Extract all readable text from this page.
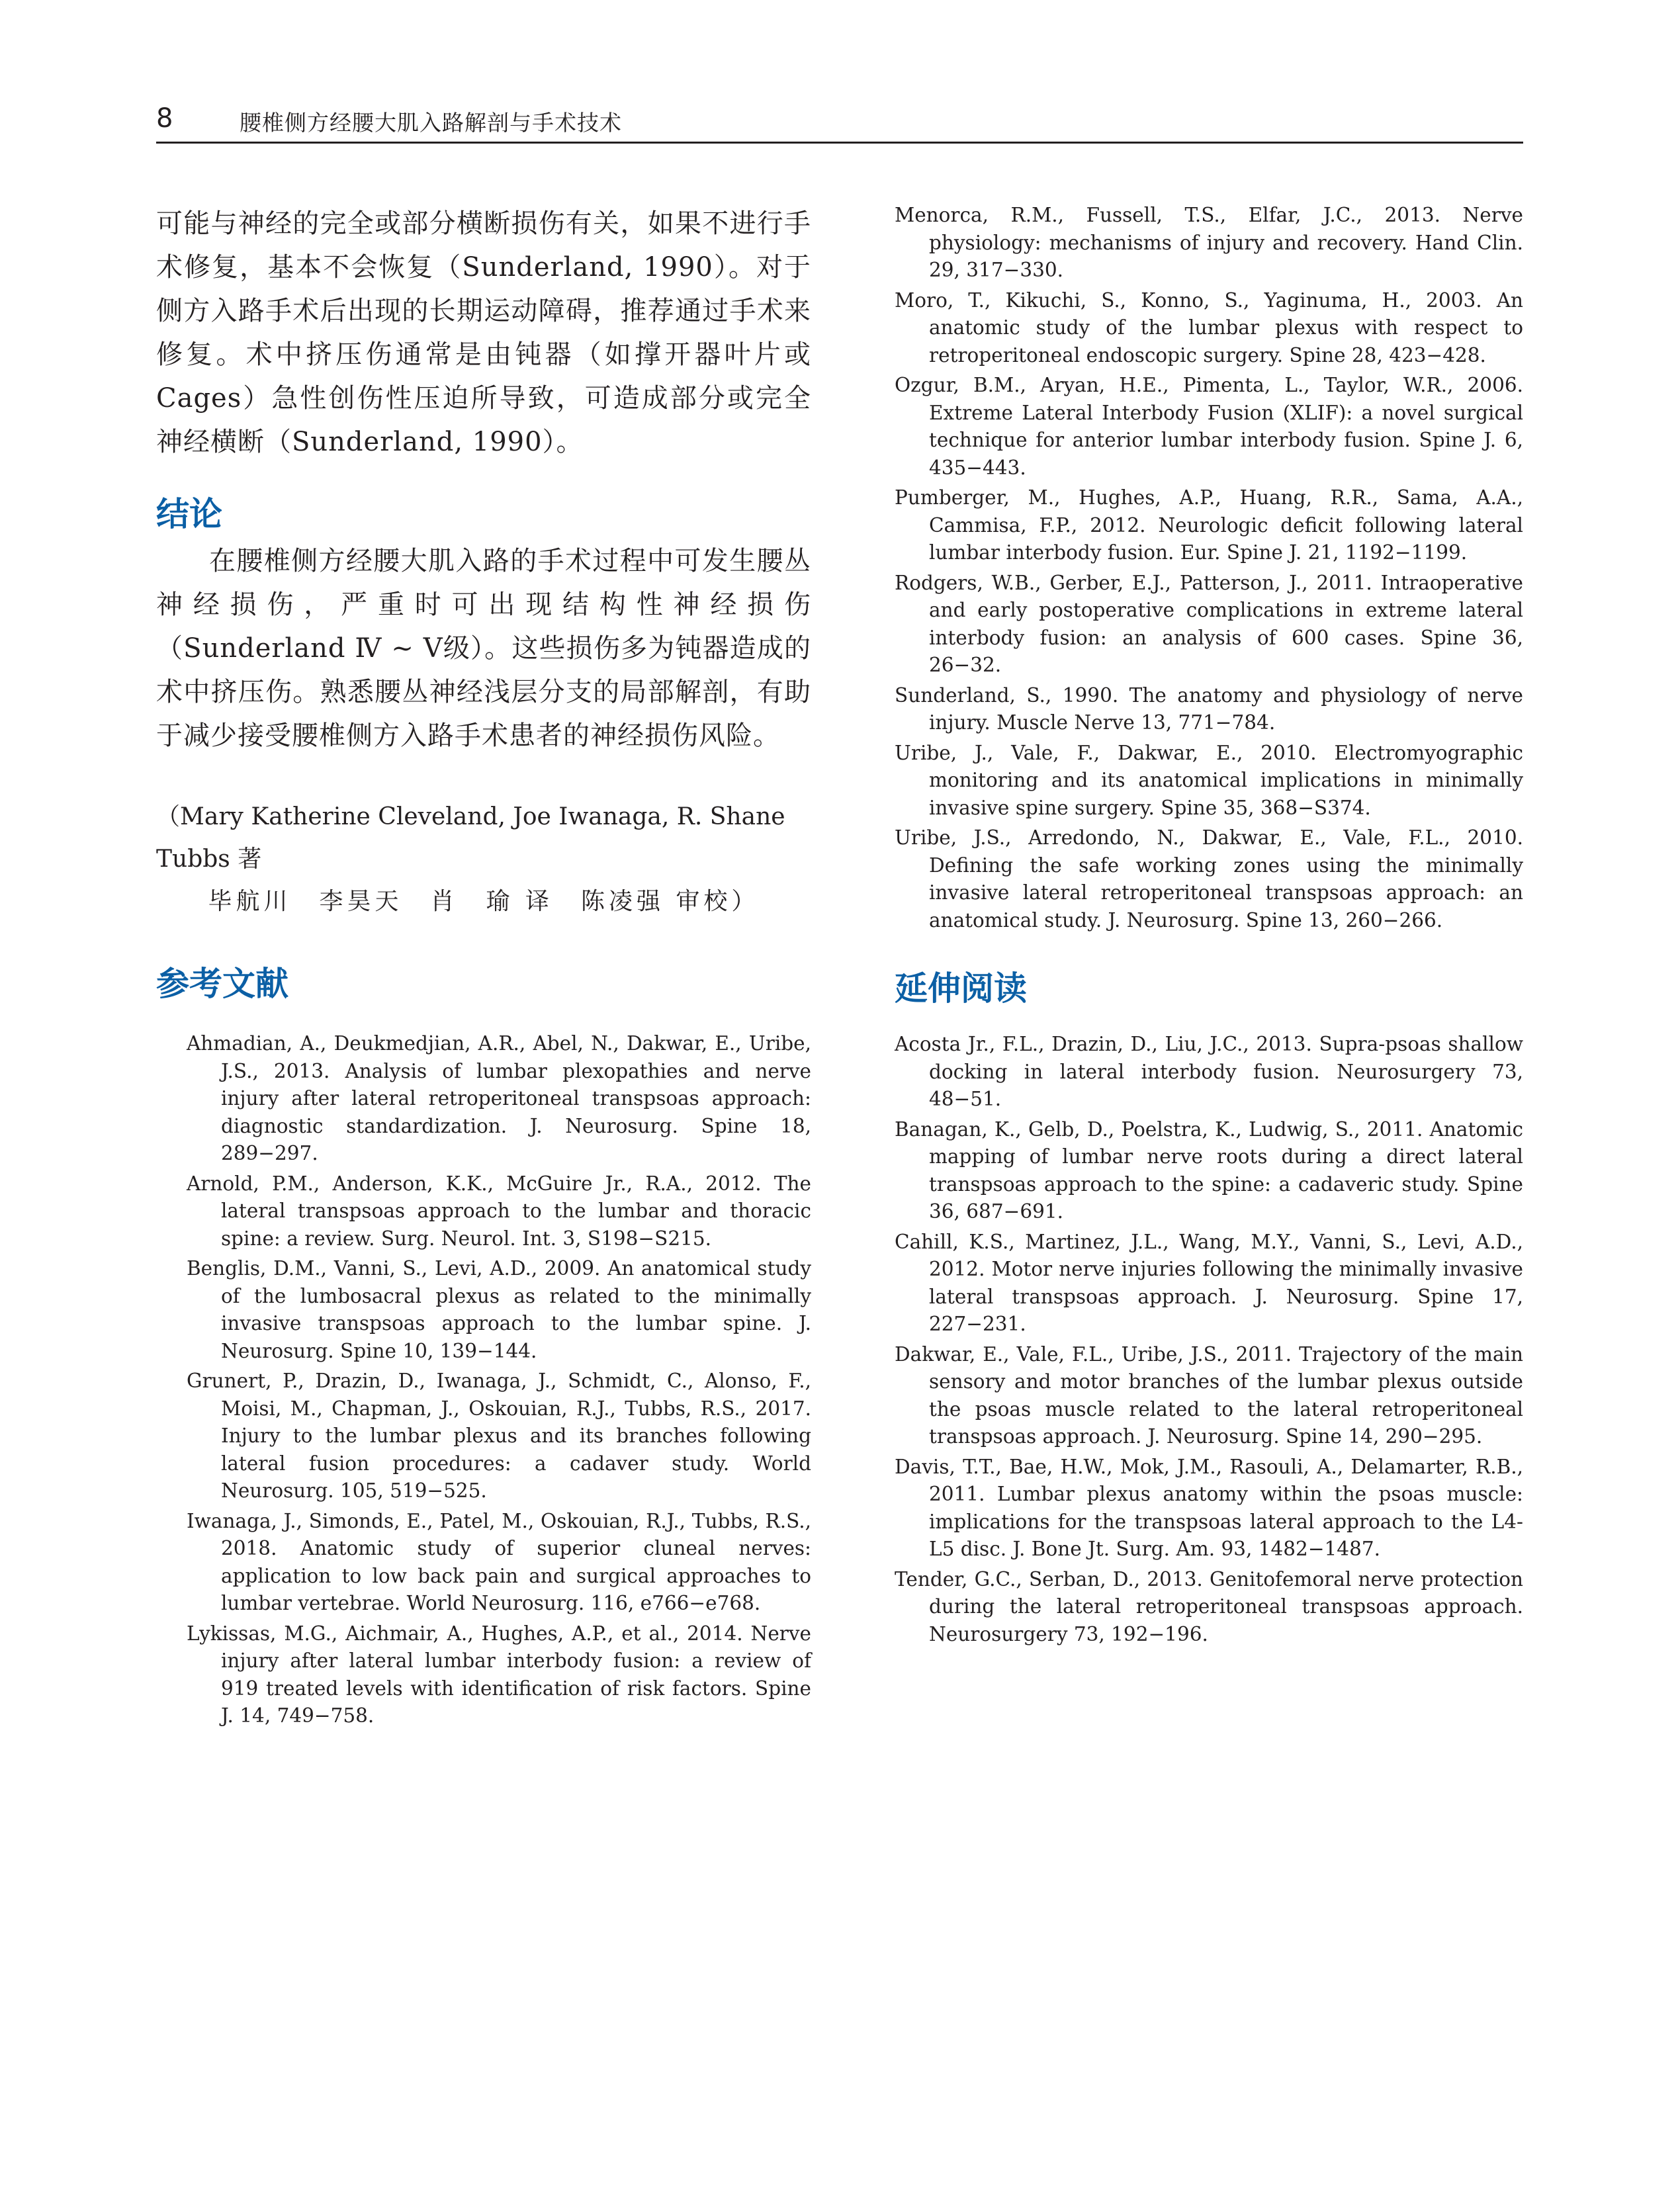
8	腰椎侧方经腰大肌入路解剖与手术技术

可能与神经的完全或部分横断损伤有关，如果不进行手术修复，基本不会恢复（Sunderland, 1990）。对于侧方入路手术后出现的长期运动障碍，推荐通过手术来修复。术中挤压伤通常是由钝器（如撑开器叶片或 Cages）急性创伤性压迫所导致，可造成部分或完全神经横断（Sunderland, 1990）。

结论

在腰椎侧方经腰大肌入路的手术过程中可发生腰丛神经损伤，严重时可出现结构性神经损伤（Sunderland Ⅳ ~ Ⅴ级）。这些损伤多为钝器造成的术中挤压伤。熟悉腰丛神经浅层分支的局部解剖，有助于减少接受腰椎侧方入路手术患者的神经损伤风险。

（Mary Katherine Cleveland, Joe Iwanaga, R. Shane Tubbs 著

毕航川　李昊天　肖　瑜 译　陈凌强 审校）

参考文献
Ahmadian, A., Deukmedjian, A.R., Abel, N., Dakwar, E., Uribe, J.S., 2013. Analysis of lumbar plexopathies and nerve injury after lateral retroperitoneal transpsoas approach: diagnostic standardization. J. Neurosurg. Spine 18, 289−297.
Arnold, P.M., Anderson, K.K., McGuire Jr., R.A., 2012. The lateral transpsoas approach to the lumbar and thoracic spine: a review. Surg. Neurol. Int. 3, S198−S215.
Benglis, D.M., Vanni, S., Levi, A.D., 2009. An anatomical study of the lumbosacral plexus as related to the minimally invasive transpsoas approach to the lumbar spine. J. Neurosurg. Spine 10, 139−144.
Grunert, P., Drazin, D., Iwanaga, J., Schmidt, C., Alonso, F., Moisi, M., Chapman, J., Oskouian, R.J., Tubbs, R.S., 2017. Injury to the lumbar plexus and its branches following lateral fusion procedures: a cadaver study. World Neurosurg. 105, 519−525.
Iwanaga, J., Simonds, E., Patel, M., Oskouian, R.J., Tubbs, R.S., 2018. Anatomic study of superior cluneal nerves: application to low back pain and surgical approaches to lumbar vertebrae. World Neurosurg. 116, e766−e768.
Lykissas, M.G., Aichmair, A., Hughes, A.P., et al., 2014. Nerve injury after lateral lumbar interbody fusion: a review of 919 treated levels with identification of risk factors. Spine J. 14, 749−758.
Menorca, R.M., Fussell, T.S., Elfar, J.C., 2013. Nerve physiology: mechanisms of injury and recovery. Hand Clin. 29, 317−330.
Moro, T., Kikuchi, S., Konno, S., Yaginuma, H., 2003. An anatomic study of the lumbar plexus with respect to retroperitoneal endoscopic surgery. Spine 28, 423−428.
Ozgur, B.M., Aryan, H.E., Pimenta, L., Taylor, W.R., 2006. Extreme Lateral Interbody Fusion (XLIF): a novel surgical technique for anterior lumbar interbody fusion. Spine J. 6, 435−443.
Pumberger, M., Hughes, A.P., Huang, R.R., Sama, A.A., Cammisa, F.P., 2012. Neurologic deficit following lateral lumbar interbody fusion. Eur. Spine J. 21, 1192−1199.
Rodgers, W.B., Gerber, E.J., Patterson, J., 2011. Intraoperative and early postoperative complications in extreme lateral interbody fusion: an analysis of 600 cases. Spine 36, 26−32.
Sunderland, S., 1990. The anatomy and physiology of nerve injury. Muscle Nerve 13, 771−784.
Uribe, J., Vale, F., Dakwar, E., 2010. Electromyographic monitoring and its anatomical implications in minimally invasive spine surgery. Spine 35, 368−S374.
Uribe, J.S., Arredondo, N., Dakwar, E., Vale, F.L., 2010. Defining the safe working zones using the minimally invasive lateral retroperitoneal transpsoas approach: an anatomical study. J. Neurosurg. Spine 13, 260−266.
延伸阅读
Acosta Jr., F.L., Drazin, D., Liu, J.C., 2013. Supra-psoas shallow docking in lateral interbody fusion. Neurosurgery 73, 48−51.
Banagan, K., Gelb, D., Poelstra, K., Ludwig, S., 2011. Anatomic mapping of lumbar nerve roots during a direct lateral transpsoas approach to the spine: a cadaveric study. Spine 36, 687−691.
Cahill, K.S., Martinez, J.L., Wang, M.Y., Vanni, S., Levi, A.D., 2012. Motor nerve injuries following the minimally invasive lateral transpsoas approach. J. Neurosurg. Spine 17, 227−231.
Dakwar, E., Vale, F.L., Uribe, J.S., 2011. Trajectory of the main sensory and motor branches of the lumbar plexus outside the psoas muscle related to the lateral retroperitoneal transpsoas approach. J. Neurosurg. Spine 14, 290−295.
Davis, T.T., Bae, H.W., Mok, J.M., Rasouli, A., Delamarter, R.B., 2011. Lumbar plexus anatomy within the psoas muscle: implications for the transpsoas lateral approach to the L4-L5 disc. J. Bone Jt. Surg. Am. 93, 1482−1487.
Tender, G.C., Serban, D., 2013. Genitofemoral nerve protection during the lateral retroperitoneal transpsoas approach. Neurosurgery 73, 192−196.
